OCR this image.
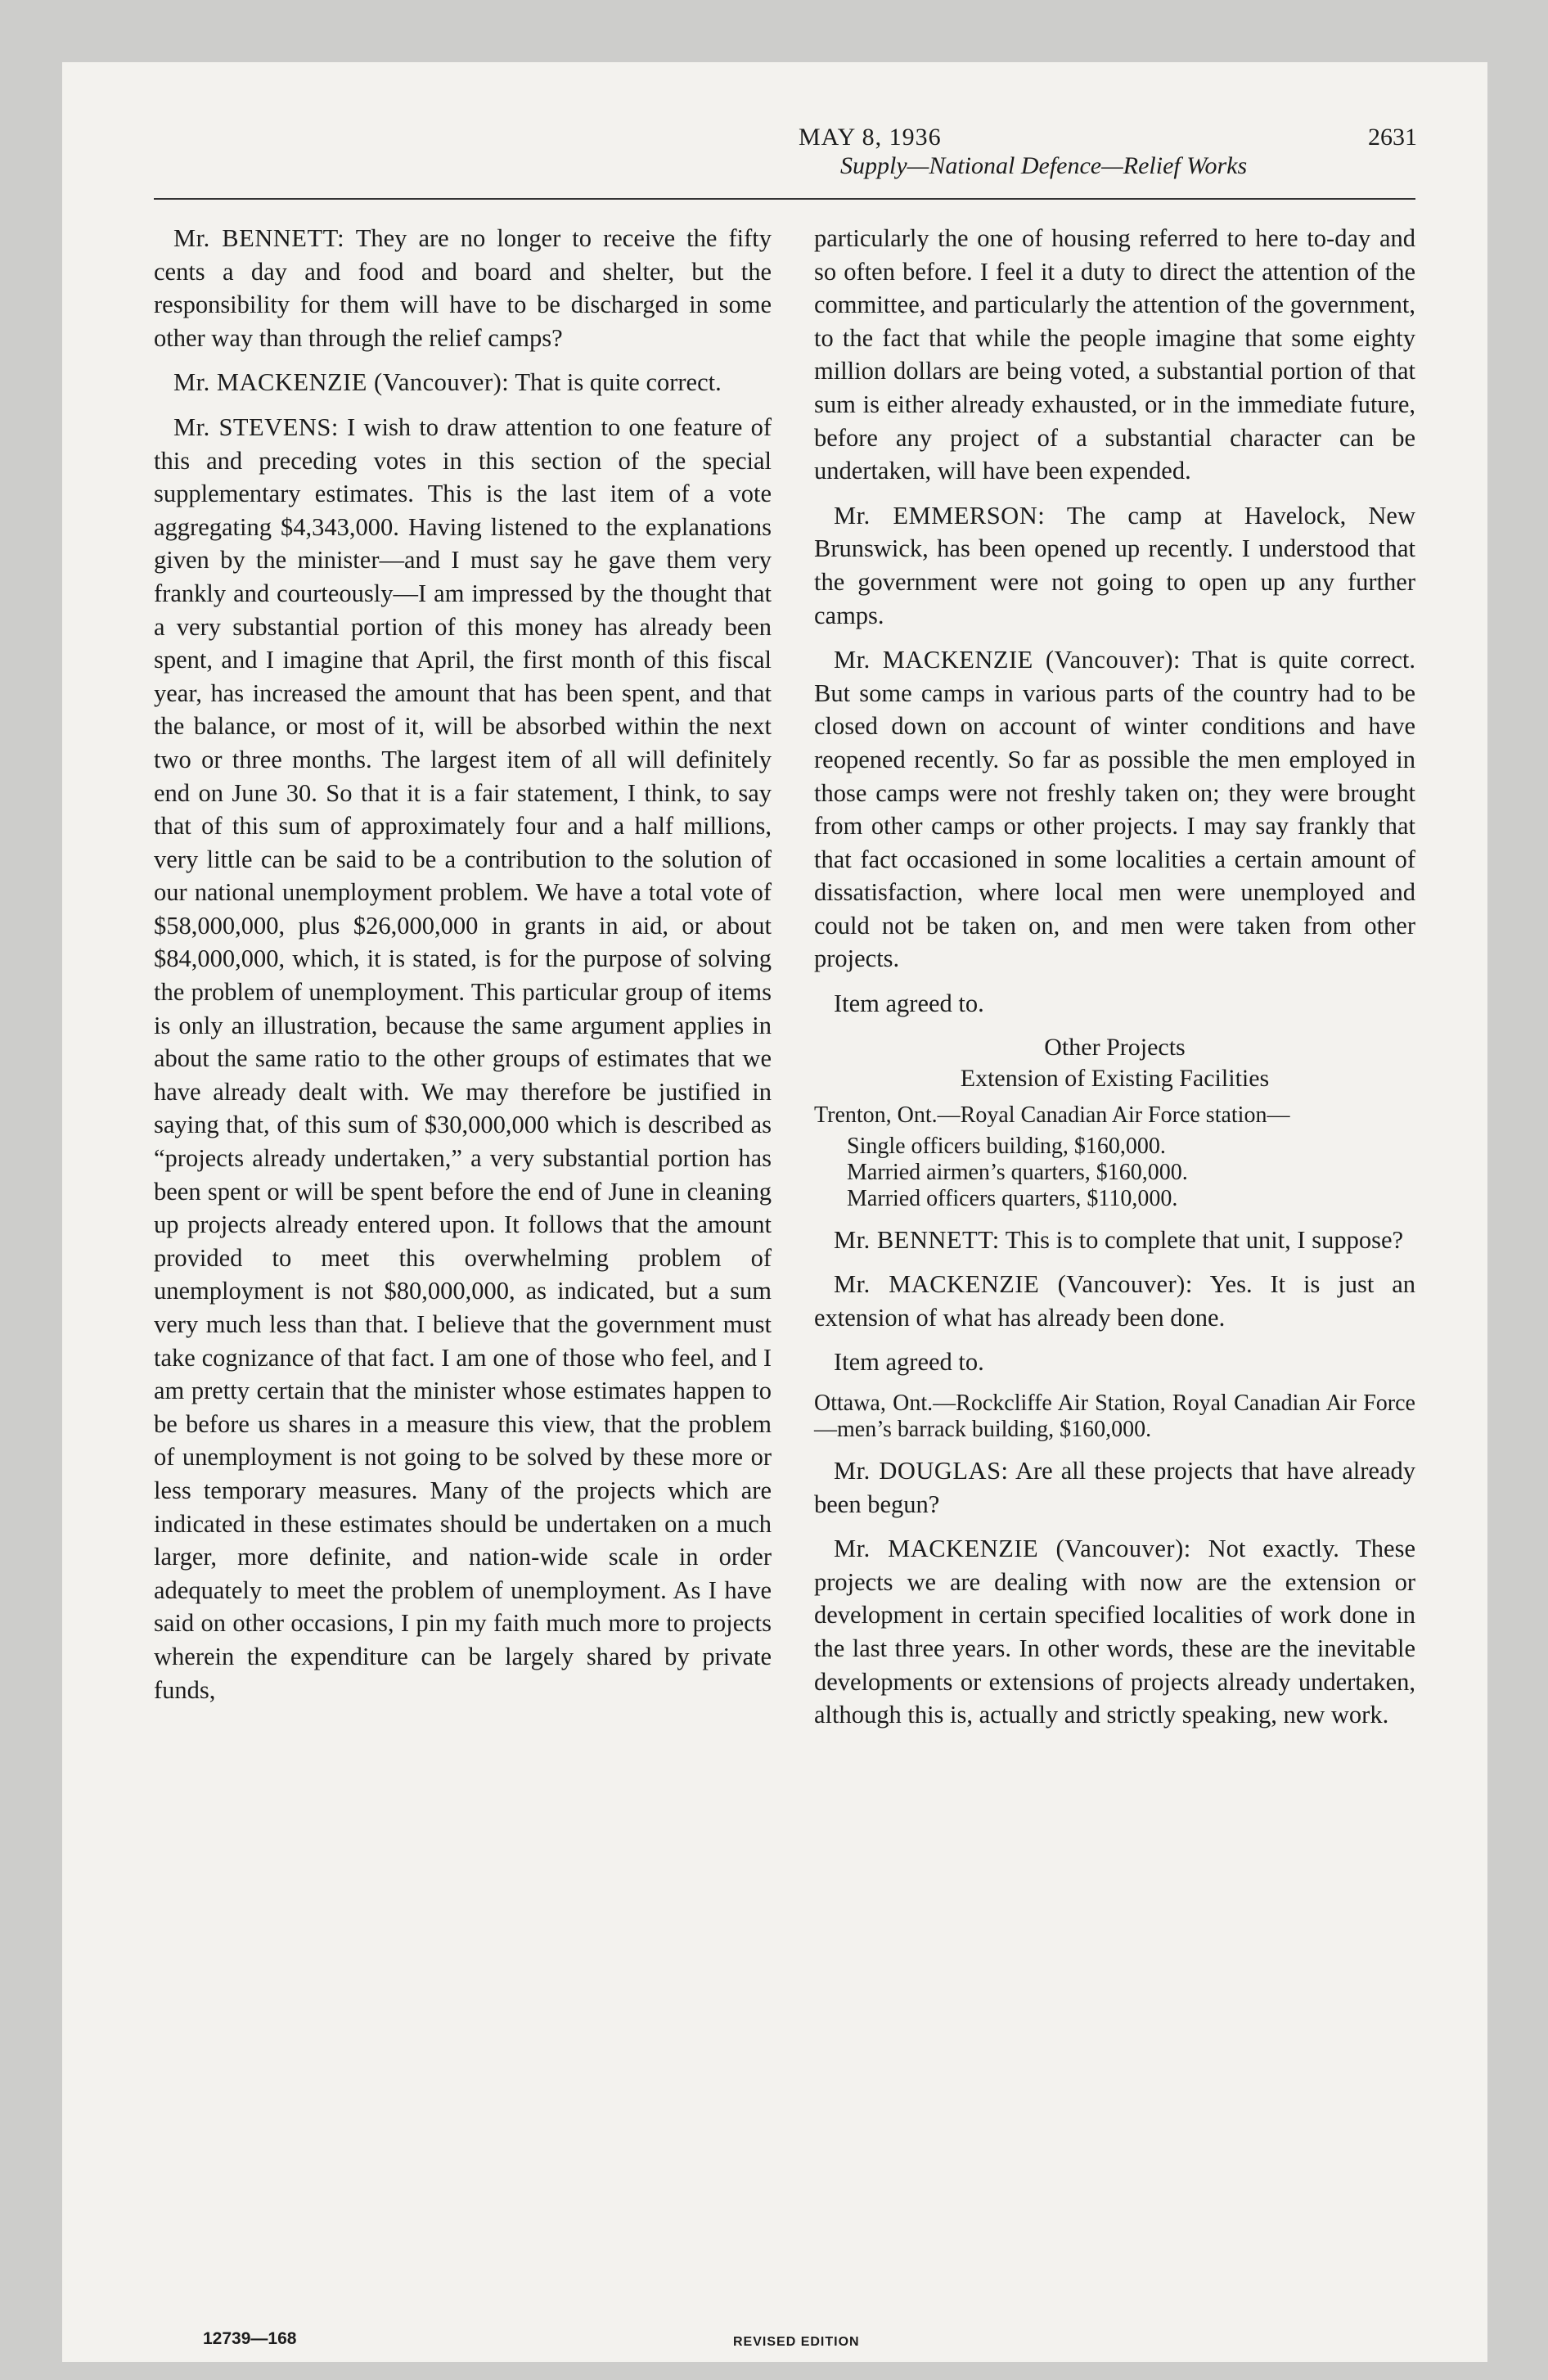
MAY 8, 1936	2631
Supply—National Defence—Relief Works

Mr. BENNETT: They are no longer to receive the fifty cents a day and food and board and shelter, but the responsibility for them will have to be discharged in some other way than through the relief camps?

Mr. MACKENZIE (Vancouver): That is quite correct.

Mr. STEVENS: I wish to draw attention to one feature of this and preceding votes in this section of the special supplementary estimates. This is the last item of a vote aggregating $4,343,000. Having listened to the explanations given by the minister—and I must say he gave them very frankly and courteously—I am impressed by the thought that a very substantial portion of this money has already been spent, and I imagine that April, the first month of this fiscal year, has increased the amount that has been spent, and that the balance, or most of it, will be absorbed within the next two or three months. The largest item of all will definitely end on June 30. So that it is a fair statement, I think, to say that of this sum of approximately four and a half millions, very little can be said to be a contribution to the solution of our national unemployment problem. We have a total vote of $58,000,000, plus $26,000,000 in grants in aid, or about $84,000,000, which, it is stated, is for the purpose of solving the problem of unemployment. This particular group of items is only an illustration, because the same argument applies in about the same ratio to the other groups of estimates that we have already dealt with. We may therefore be justified in saying that, of this sum of $30,000,000 which is described as “projects already undertaken,” a very substantial portion has been spent or will be spent before the end of June in cleaning up projects already entered upon. It follows that the amount provided to meet this overwhelming problem of unemployment is not $80,000,000, as indicated, but a sum very much less than that. I believe that the government must take cognizance of that fact. I am one of those who feel, and I am pretty certain that the minister whose estimates happen to be before us shares in a measure this view, that the problem of unemployment is not going to be solved by these more or less temporary measures. Many of the projects which are indicated in these estimates should be undertaken on a much larger, more definite, and nation-wide scale in order adequately to meet the problem of unemployment. As I have said on other occasions, I pin my faith much more to projects wherein the expenditure can be largely shared by private funds,

particularly the one of housing referred to here to-day and so often before. I feel it a duty to direct the attention of the committee, and particularly the attention of the government, to the fact that while the people imagine that some eighty million dollars are being voted, a substantial portion of that sum is either already exhausted, or in the immediate future, before any project of a substantial character can be undertaken, will have been expended.

Mr. EMMERSON: The camp at Havelock, New Brunswick, has been opened up recently. I understood that the government were not going to open up any further camps.

Mr. MACKENZIE (Vancouver): That is quite correct. But some camps in various parts of the country had to be closed down on account of winter conditions and have reopened recently. So far as possible the men employed in those camps were not freshly taken on; they were brought from other camps or other projects. I may say frankly that that fact occasioned in some localities a certain amount of dissatisfaction, where local men were unemployed and could not be taken on, and men were taken from other projects.

Item agreed to.

Other Projects
Extension of Existing Facilities
Trenton, Ont.—Royal Canadian Air Force station—
Single officers building, $160,000.
Married airmen’s quarters, $160,000.
Married officers quarters, $110,000.

Mr. BENNETT: This is to complete that unit, I suppose?

Mr. MACKENZIE (Vancouver): Yes. It is just an extension of what has already been done.

Item agreed to.

Ottawa, Ont.—Rockcliffe Air Station, Royal Canadian Air Force—men’s barrack building, $160,000.

Mr. DOUGLAS: Are all these projects that have already been begun?

Mr. MACKENZIE (Vancouver): Not exactly. These projects we are dealing with now are the extension or development in certain specified localities of work done in the last three years. In other words, these are the inevitable developments or extensions of projects already undertaken, although this is, actually and strictly speaking, new work.

12739—168	REVISED EDITION
